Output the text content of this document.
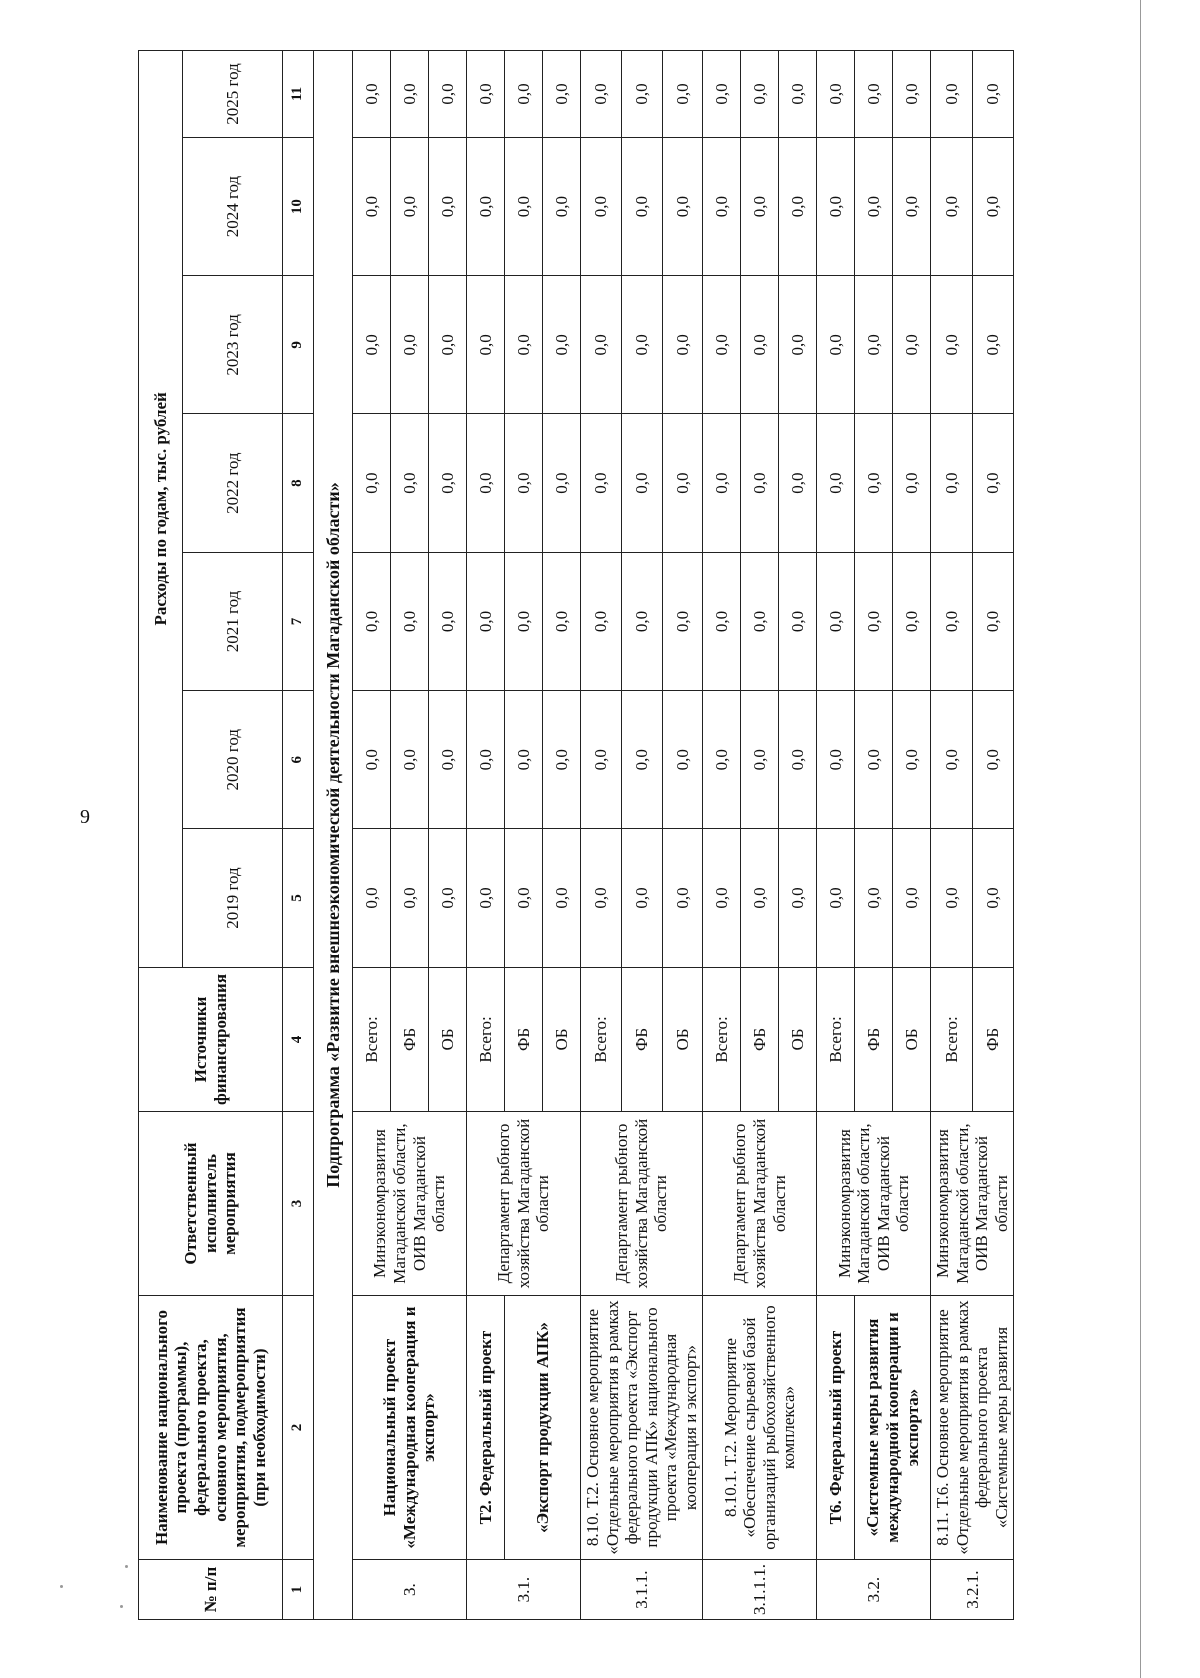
9
№ п/п	Наименование национального проекта (программы), федерального проекта, основного мероприятия, мероприятия, подмероприятия (при необходимости)	Ответственный исполнитель мероприятия	Источники финансирования	Расходы по годам, тыс. рублей						
				2019 год	2020 год	2021 год	2022 год	2023 год	2024 год	2025 год
1	2	3	4	5	6	7	8	9	10	11
Подпрограмма «Развитие внешнеэкономической деятельности Магаданской области»										
3.	Национальный проект «Международная кооперация и экспорт»	Минэкономразвития Магаданской области, ОИВ Магаданской области	Всего:	0,0	0,0	0,0	0,0	0,0	0,0	0,0
			ФБ	0,0	0,0	0,0	0,0	0,0	0,0	0,0
			ОБ	0,0	0,0	0,0	0,0	0,0	0,0	0,0
3.1.	Т2. Федеральный проект	Департамент рыбного хозяйства Магаданской области	Всего:	0,0	0,0	0,0	0,0	0,0	0,0	0,0
	«Экспорт продукции АПК»		ФБ	0,0	0,0	0,0	0,0	0,0	0,0	0,0
			ОБ	0,0	0,0	0,0	0,0	0,0	0,0	0,0
3.1.1.	8.10. Т.2. Основное мероприятие «Отдельные мероприятия в рамках федерального проекта «Экспорт продукции АПК» национального проекта «Международная кооперация и экспорт»	Департамент рыбного хозяйства Магаданской области	Всего:	0,0	0,0	0,0	0,0	0,0	0,0	0,0
			ФБ	0,0	0,0	0,0	0,0	0,0	0,0	0,0
			ОБ	0,0	0,0	0,0	0,0	0,0	0,0	0,0
3.1.1.1.	8.10.1. Т.2. Мероприятие «Обеспечение сырьевой базой организаций рыбохозяйственного комплекса»	Департамент рыбного хозяйства Магаданской области	Всего:	0,0	0,0	0,0	0,0	0,0	0,0	0,0
			ФБ	0,0	0,0	0,0	0,0	0,0	0,0	0,0
			ОБ	0,0	0,0	0,0	0,0	0,0	0,0	0,0
3.2.	Т6. Федеральный проект	Минэкономразвития Магаданской области, ОИВ Магаданской области	Всего:	0,0	0,0	0,0	0,0	0,0	0,0	0,0
	«Системные меры развития международной кооперации и экспорта»		ФБ	0,0	0,0	0,0	0,0	0,0	0,0	0,0
			ОБ	0,0	0,0	0,0	0,0	0,0	0,0	0,0
3.2.1.	8.11. Т.6. Основное мероприятие «Отдельные мероприятия в рамках федерального проекта «Системные меры развития	Минэкономразвития Магаданской области, ОИВ Магаданской области	Всего:	0,0	0,0	0,0	0,0	0,0	0,0	0,0
			ФБ	0,0	0,0	0,0	0,0	0,0	0,0	0,0
